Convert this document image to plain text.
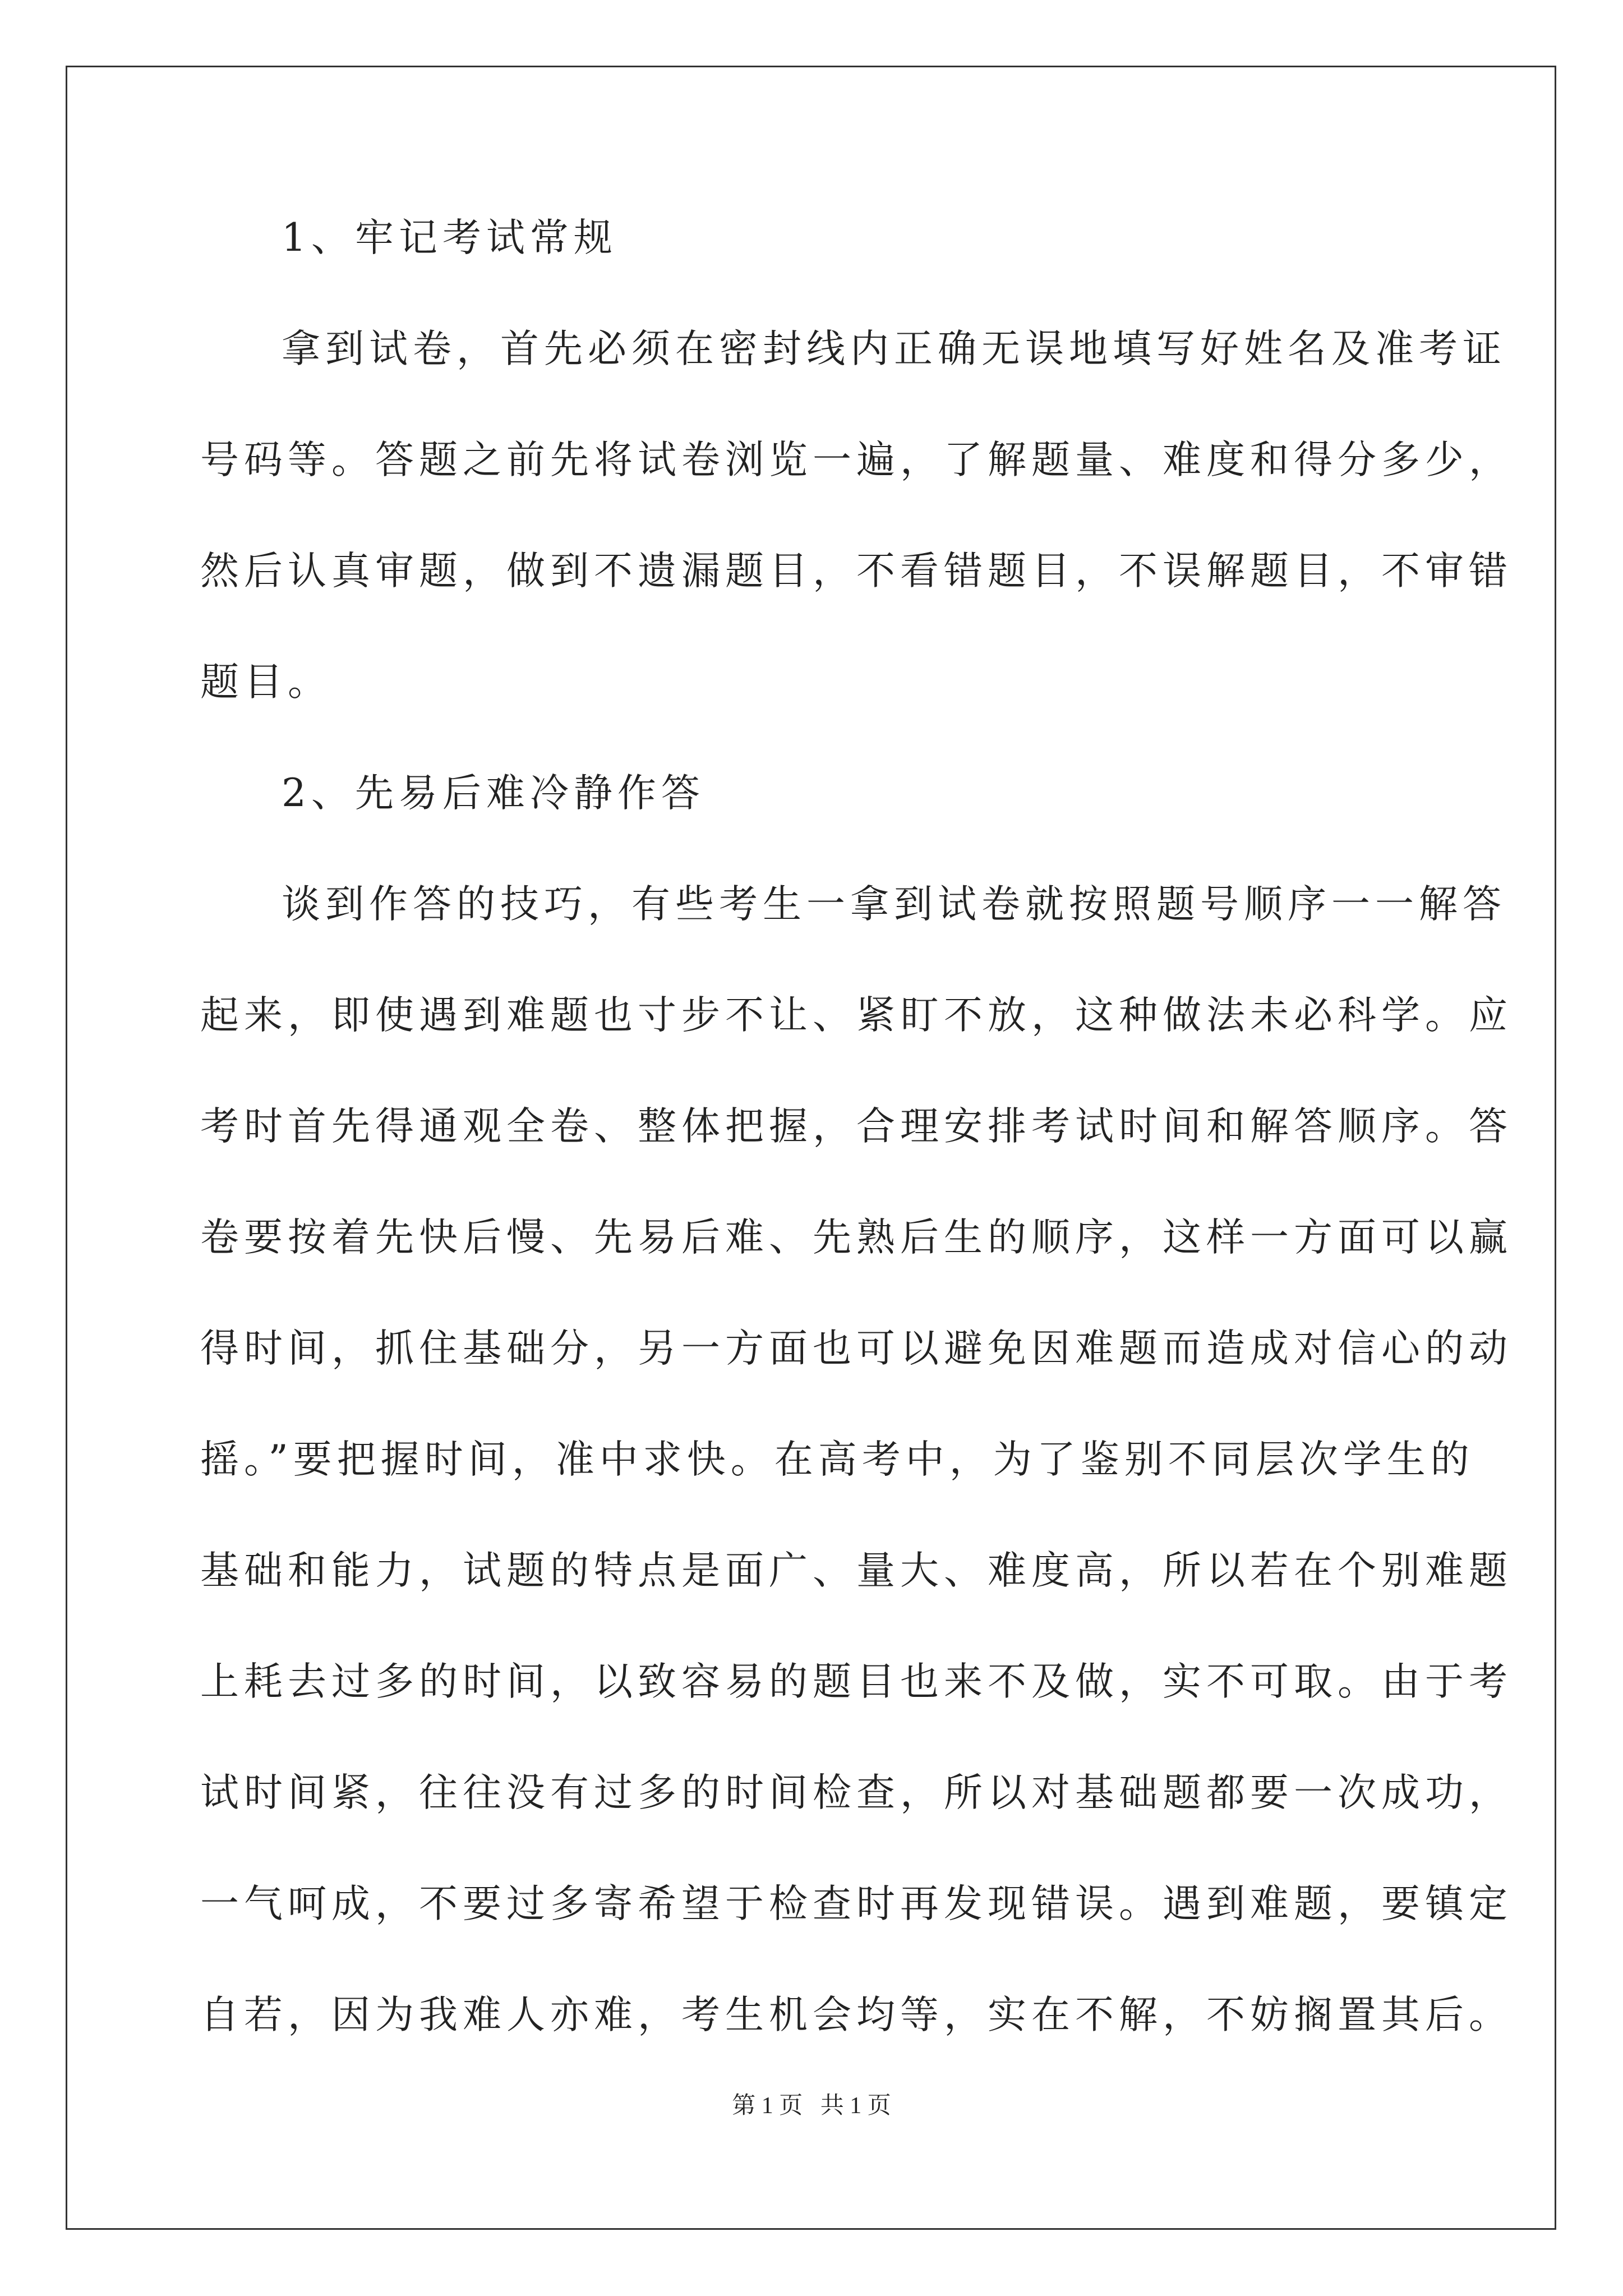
1、牢记考试常规
拿到试卷，首先必须在密封线内正确无误地填写好姓名及准考证
号码等。答题之前先将试卷浏览一遍，了解题量、难度和得分多少，
然后认真审题，做到不遗漏题目，不看错题目，不误解题目，不审错
题目。
2、先易后难冷静作答
谈到作答的技巧，有些考生一拿到试卷就按照题号顺序一一解答
起来，即使遇到难题也寸步不让、紧盯不放，这种做法未必科学。应
考时首先得通观全卷、整体把握，合理安排考试时间和解答顺序。答
卷要按着先快后慢、先易后难、先熟后生的顺序，这样一方面可以赢
得时间，抓住基础分，另一方面也可以避免因难题而造成对信心的动
摇。”要把握时间，准中求快。在高考中，为了鉴别不同层次学生的
基础和能力，试题的特点是面广、量大、难度高，所以若在个别难题
上耗去过多的时间，以致容易的题目也来不及做，实不可取。由于考
试时间紧，往往没有过多的时间检查，所以对基础题都要一次成功，
一气呵成，不要过多寄希望于检查时再发现错误。遇到难题，要镇定
自若，因为我难人亦难，考生机会均等，实在不解，不妨搁置其后。
第 1 页   共 1 页
